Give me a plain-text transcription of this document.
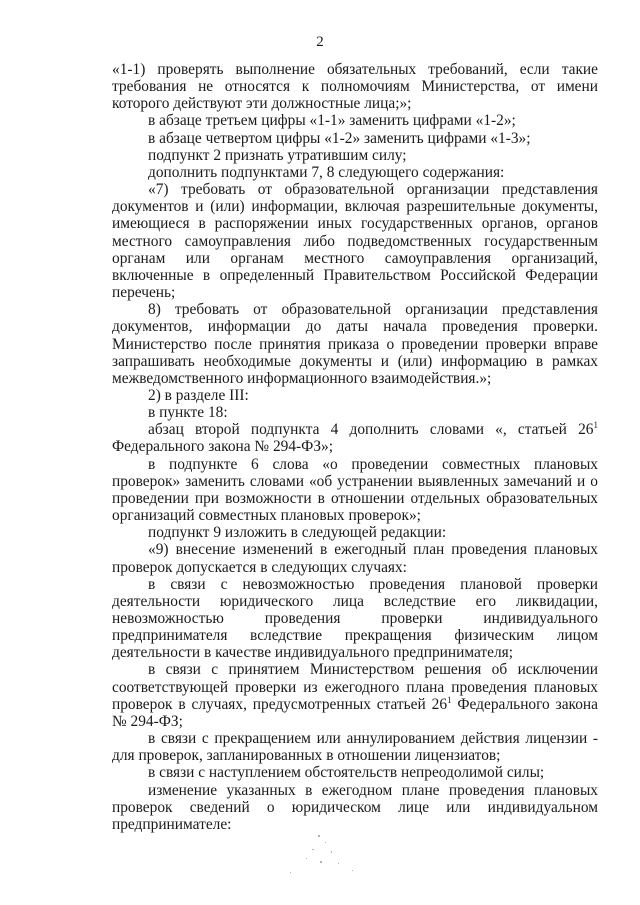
2

«1-1) проверять выполнение обязательных требований, если такие требования не относятся к полномочиям Министерства, от имени которого действуют эти должностные лица;»;

в абзаце третьем цифры «1-1» заменить цифрами «1-2»;

в абзаце четвертом цифры «1-2» заменить цифрами «1-3»;

подпункт 2 признать утратившим силу;

дополнить подпунктами 7, 8 следующего содержания:

«7) требовать от образовательной организации представления документов и (или) информации, включая разрешительные документы, имеющиеся в распоряжении иных государственных органов, органов местного самоуправления либо подведомственных государственным органам или органам местного самоуправления организаций, включенные в определенный Правительством Российской Федерации перечень;

8) требовать от образовательной организации представления документов, информации до даты начала проведения проверки. Министерство после принятия приказа о проведении проверки вправе запрашивать необходимые документы и (или) информацию в рамках межведомственного информационного взаимодействия.»;

2) в разделе III:

в пункте 18:

абзац второй подпункта 4 дополнить словами «, статьей $26^1$ Федерального закона № 294-ФЗ»;

в подпункте 6 слова «о проведении совместных плановых проверок» заменить словами «об устранении выявленных замечаний и о проведении при возможности в отношении отдельных образовательных организаций совместных плановых проверок»;

подпункт 9 изложить в следующей редакции:

«9) внесение изменений в ежегодный план проведения плановых проверок допускается в следующих случаях:

в связи с невозможностью проведения плановой проверки деятельности юридического лица вследствие его ликвидации, невозможностью проведения проверки индивидуального предпринимателя вследствие прекращения физическим лицом деятельности в качестве индивидуального предпринимателя;

в связи с принятием Министерством решения об исключении соответствующей проверки из ежегодного плана проведения плановых проверок в случаях, предусмотренных статьей $26^1$ Федерального закона № 294-ФЗ;

в связи с прекращением или аннулированием действия лицензии - для проверок, запланированных в отношении лицензиатов;

в связи с наступлением обстоятельств непреодолимой силы;

изменение указанных в ежегодном плане проведения плановых проверок сведений о юридическом лице или индивидуальном предпринимателе:
